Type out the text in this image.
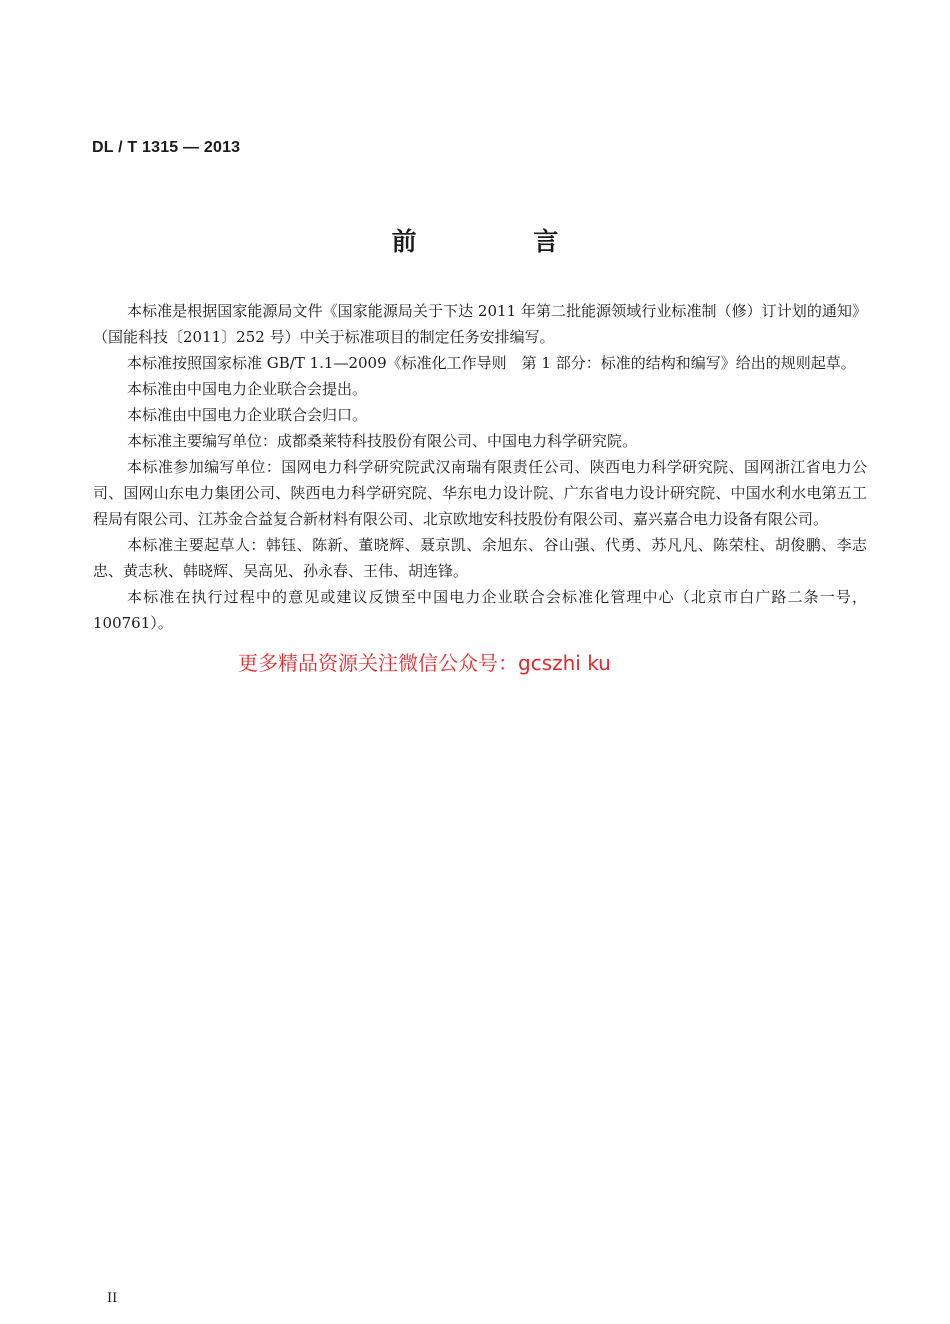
DL / T 1315 — 2013
前 言

本标准是根据国家能源局文件《国家能源局关于下达 2011 年第二批能源领域行业标准制（修）订计划的通知》（国能科技〔2011〕252 号）中关于标准项目的制定任务安排编写。

本标准按照国家标准 GB/T 1.1—2009《标准化工作导则　第 1 部分：标准的结构和编写》给出的规则起草。

本标准由中国电力企业联合会提出。

本标准由中国电力企业联合会归口。

本标准主要编写单位：成都桑莱特科技股份有限公司、中国电力科学研究院。

本标准参加编写单位：国网电力科学研究院武汉南瑞有限责任公司、陕西电力科学研究院、国网浙江省电力公司、国网山东电力集团公司、陕西电力科学研究院、华东电力设计院、广东省电力设计研究院、中国水利水电第五工程局有限公司、江苏金合益复合新材料有限公司、北京欧地安科技股份有限公司、嘉兴嘉合电力设备有限公司。

本标准主要起草人：韩钰、陈新、董晓辉、聂京凯、余旭东、谷山强、代勇、苏凡凡、陈荣柱、胡俊鹏、李志忠、黄志秋、韩晓辉、吴高见、孙永春、王伟、胡连锋。

本标准在执行过程中的意见或建议反馈至中国电力企业联合会标准化管理中心（北京市白广路二条一号，100761）。

更多精品资源关注微信公众号：gcszhi ku
II
